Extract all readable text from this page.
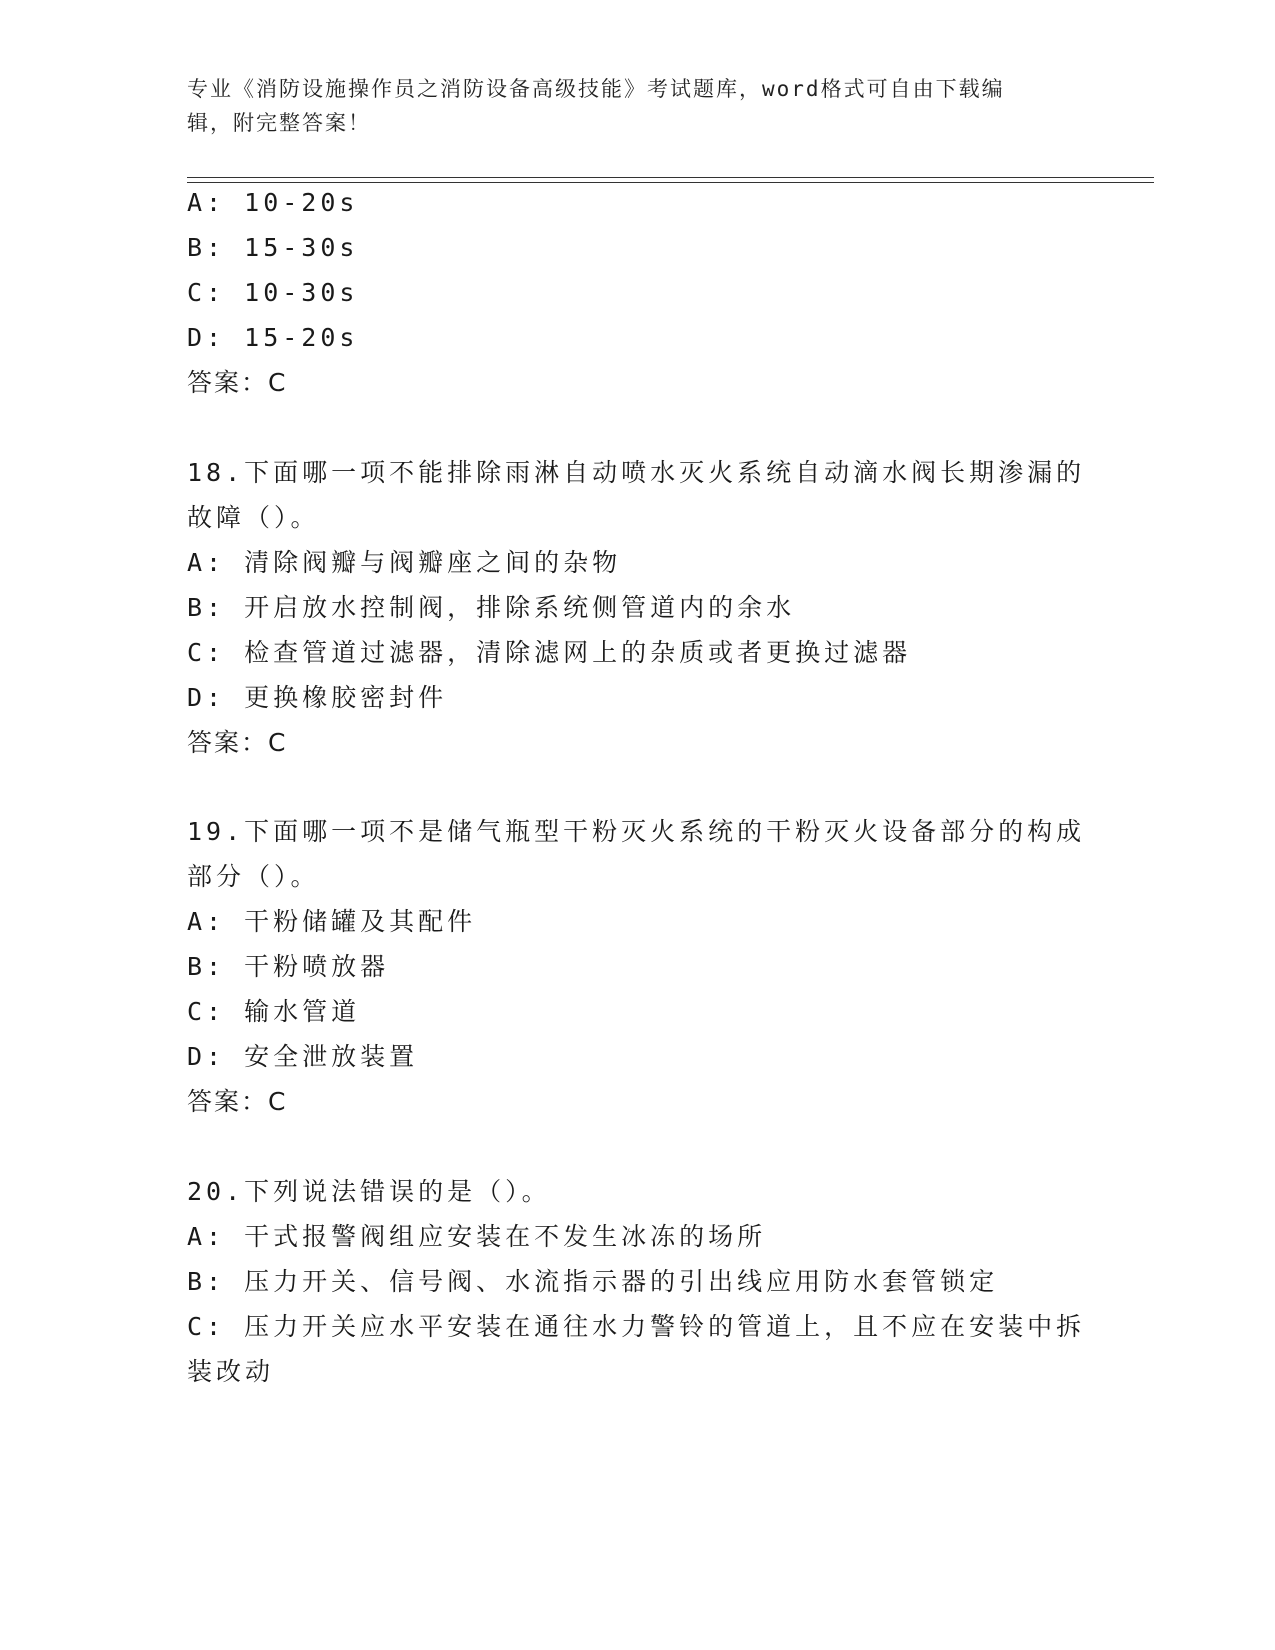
专业《消防设施操作员之消防设备高级技能》考试题库，word格式可自由下载编
辑，附完整答案！
A: 10-20s
B: 15-30s
C: 10-30s
D: 15-20s
答案：C
18.下面哪一项不能排除雨淋自动喷水灭火系统自动滴水阀长期渗漏的
故障（）。
A: 清除阀瓣与阀瓣座之间的杂物
B: 开启放水控制阀，排除系统侧管道内的余水
C: 检查管道过滤器，清除滤网上的杂质或者更换过滤器
D: 更换橡胶密封件
答案：C
19.下面哪一项不是储气瓶型干粉灭火系统的干粉灭火设备部分的构成
部分（）。
A: 干粉储罐及其配件
B: 干粉喷放器
C: 输水管道
D: 安全泄放装置
答案：C
20.下列说法错误的是（）。
A: 干式报警阀组应安装在不发生冰冻的场所
B: 压力开关、信号阀、水流指示器的引出线应用防水套管锁定
C: 压力开关应水平安装在通往水力警铃的管道上，且不应在安装中拆
装改动
